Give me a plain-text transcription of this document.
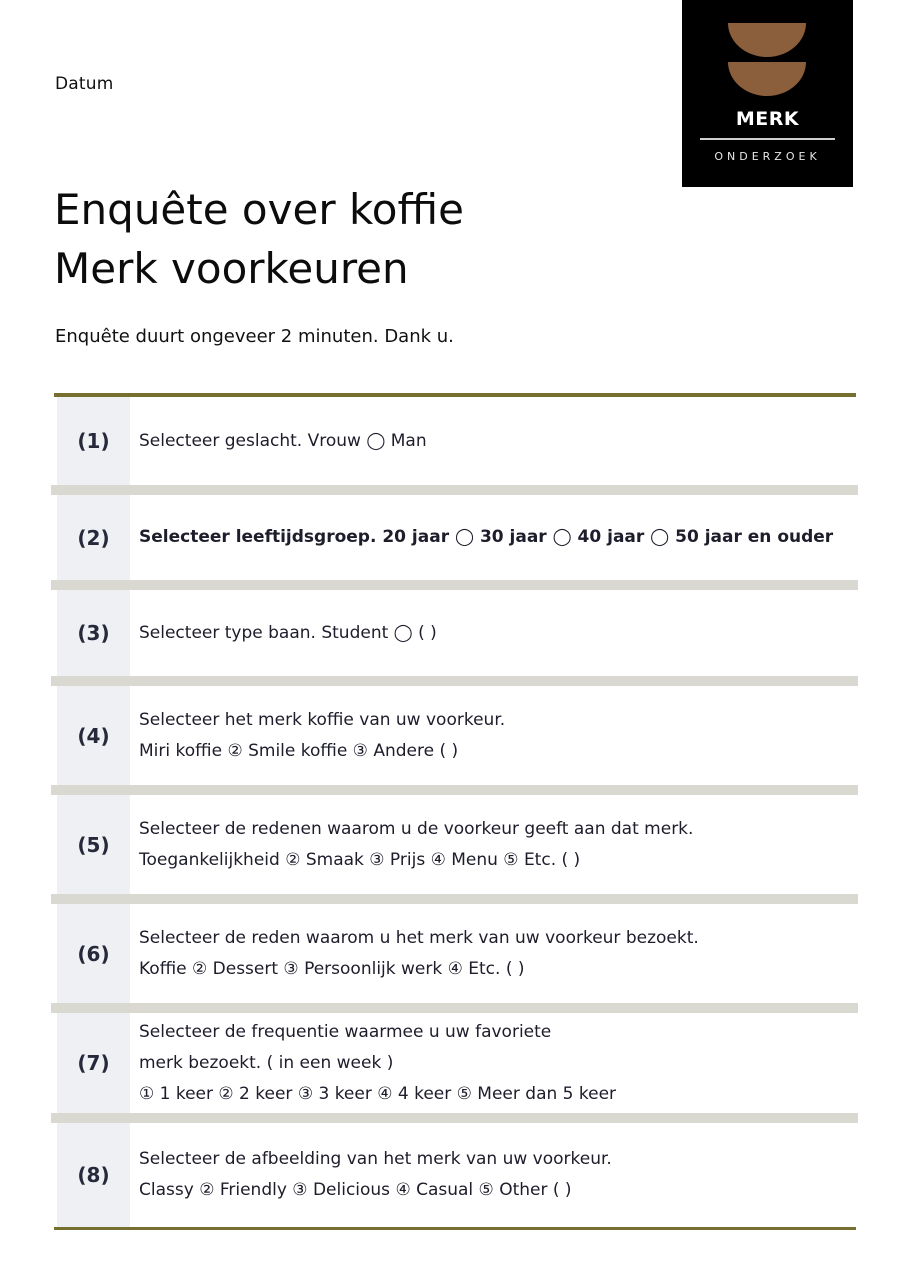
Datum
MERK
ONDERZOEK
Enquête over koffie
Merk voorkeuren
Enquête duurt ongeveer 2 minuten. Dank u.
(1)	Selecteer geslacht. Vrouw ◯ Man
(2)	Selecteer leeftijdsgroep. 20 jaar ◯ 30 jaar ◯ 40 jaar ◯ 50 jaar en ouder
(3)	Selecteer type baan. Student ◯ ( )
(4)
Selecteer het merk koffie van uw voorkeur.
Miri koffie ② Smile koffie ③ Andere ( )
(5)
Selecteer de redenen waarom u de voorkeur geeft aan dat merk.
Toegankelijkheid ② Smaak ③ Prijs ④ Menu ⑤ Etc. ( )
(6)
Selecteer de reden waarom u het merk van uw voorkeur bezoekt.
Koffie ② Dessert ③ Persoonlijk werk ④ Etc. ( )
(7)
Selecteer de frequentie waarmee u uw favoriete
merk bezoekt. ( in een week )
① 1 keer ② 2 keer ③ 3 keer ④ 4 keer ⑤ Meer dan 5 keer
(8)
Selecteer de afbeelding van het merk van uw voorkeur.
Classy ② Friendly ③ Delicious ④ Casual ⑤ Other ( )
